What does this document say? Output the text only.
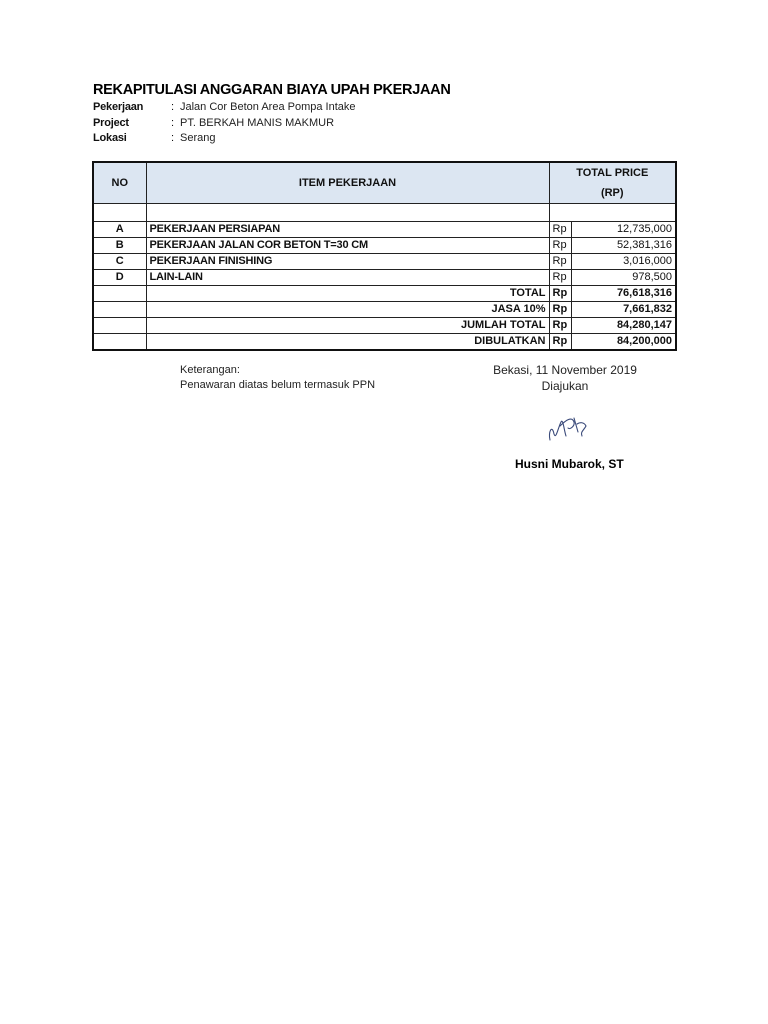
REKAPITULASI ANGGARAN BIAYA UPAH PKERJAAN
Pekerjaan	: Jalan Cor Beton Area Pompa Intake
Project	: PT. BERKAH MANIS MAKMUR
Lokasi	: Serang
NO	ITEM PEKERJAAN	TOTAL PRICE
(RP)	

A	PEKERJAAN PERSIAPAN	Rp	12,735,000
B	PEKERJAAN JALAN COR BETON T=30 CM	Rp	52,381,316
C	PEKERJAAN FINISHING	Rp	3,016,000
D	LAIN-LAIN	Rp	978,500
	TOTAL	Rp	76,618,316
	JASA 10%	Rp	7,661,832
	JUMLAH TOTAL	Rp	84,280,147
	DIBULATKAN	Rp	84,200,000
Keterangan:
Penawaran diatas belum termasuk PPN
Bekasi, 11 November 2019
Diajukan
Husni Mubarok, ST
